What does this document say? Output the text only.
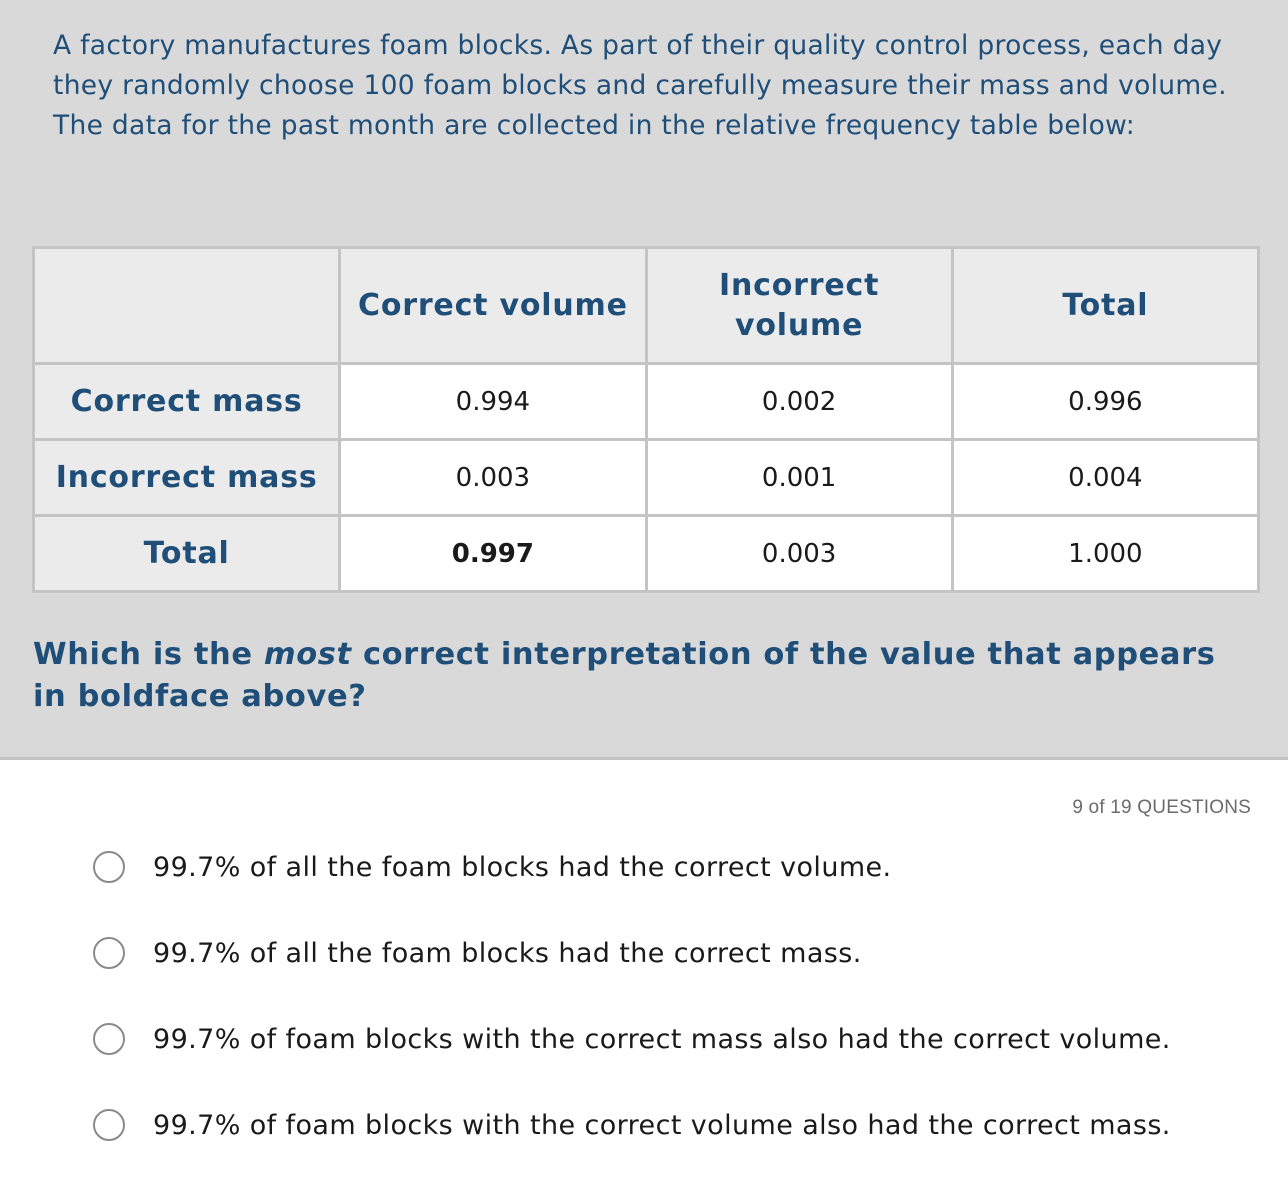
A factory manufactures foam blocks. As part of their quality control process, each day they randomly choose 100 foam blocks and carefully measure their mass and volume. The data for the past month are collected in the relative frequency table below:

	Correct volume	Incorrect volume	Total
Correct mass	0.994	0.002	0.996
Incorrect mass	0.003	0.001	0.004
Total	0.997	0.003	1.000

Which is the most correct interpretation of the value that appears in boldface above?

9 of 19 QUESTIONS
99.7% of all the foam blocks had the correct volume.
99.7% of all the foam blocks had the correct mass.
99.7% of foam blocks with the correct mass also had the correct volume.
99.7% of foam blocks with the correct volume also had the correct mass.
